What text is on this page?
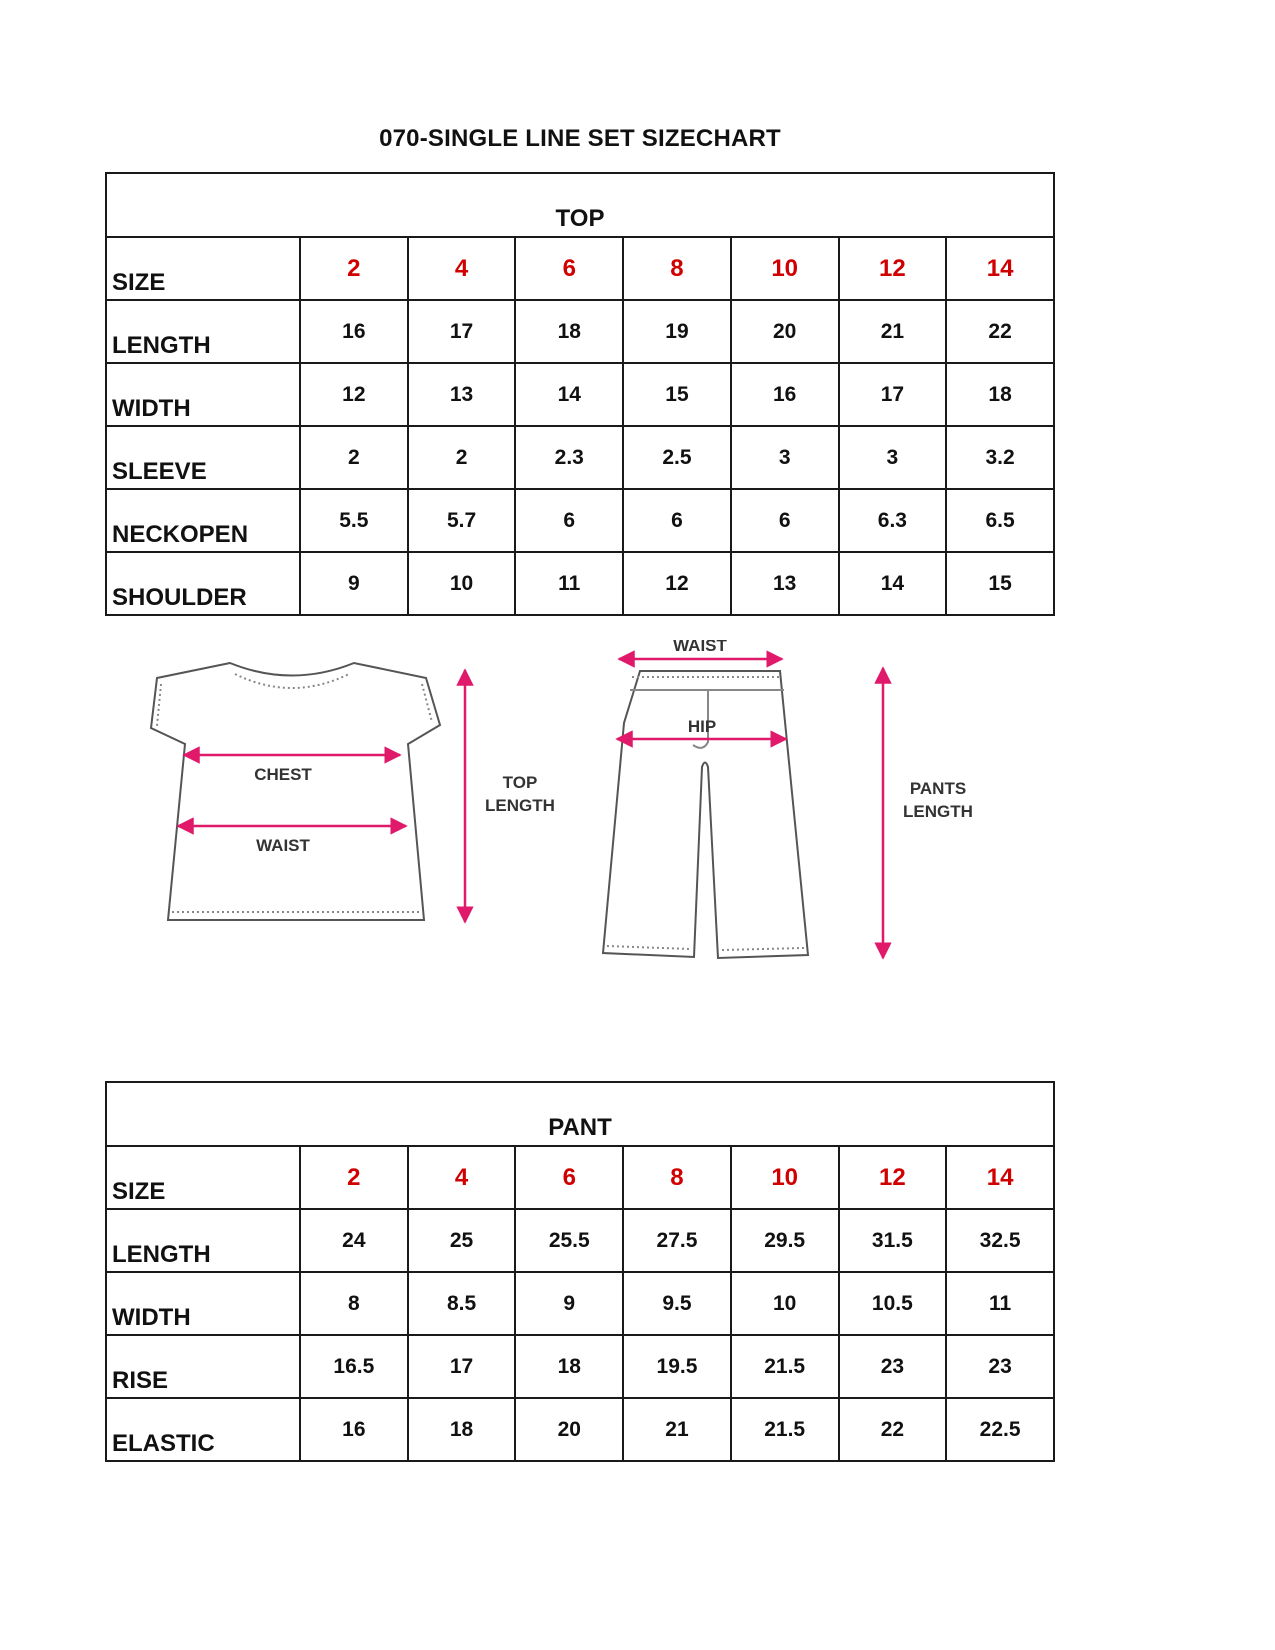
070-SINGLE LINE SET SIZECHART
TOP							
SIZE	2	4	6	8	10	12	14
LENGTH	16	17	18	19	20	21	22
WIDTH	12	13	14	15	16	17	18
SLEEVE	2	2	2.3	2.5	3	3	3.2
NECKOPEN	5.5	5.7	6	6	6	6.3	6.5
SHOULDER	9	10	11	12	13	14	15
CHEST
WAIST
TOP
LENGTH
WAIST
HIP
PANTS
LENGTH
PANT							
SIZE	2	4	6	8	10	12	14
LENGTH	24	25	25.5	27.5	29.5	31.5	32.5
WIDTH	8	8.5	9	9.5	10	10.5	11
RISE	16.5	17	18	19.5	21.5	23	23
ELASTIC	16	18	20	21	21.5	22	22.5
